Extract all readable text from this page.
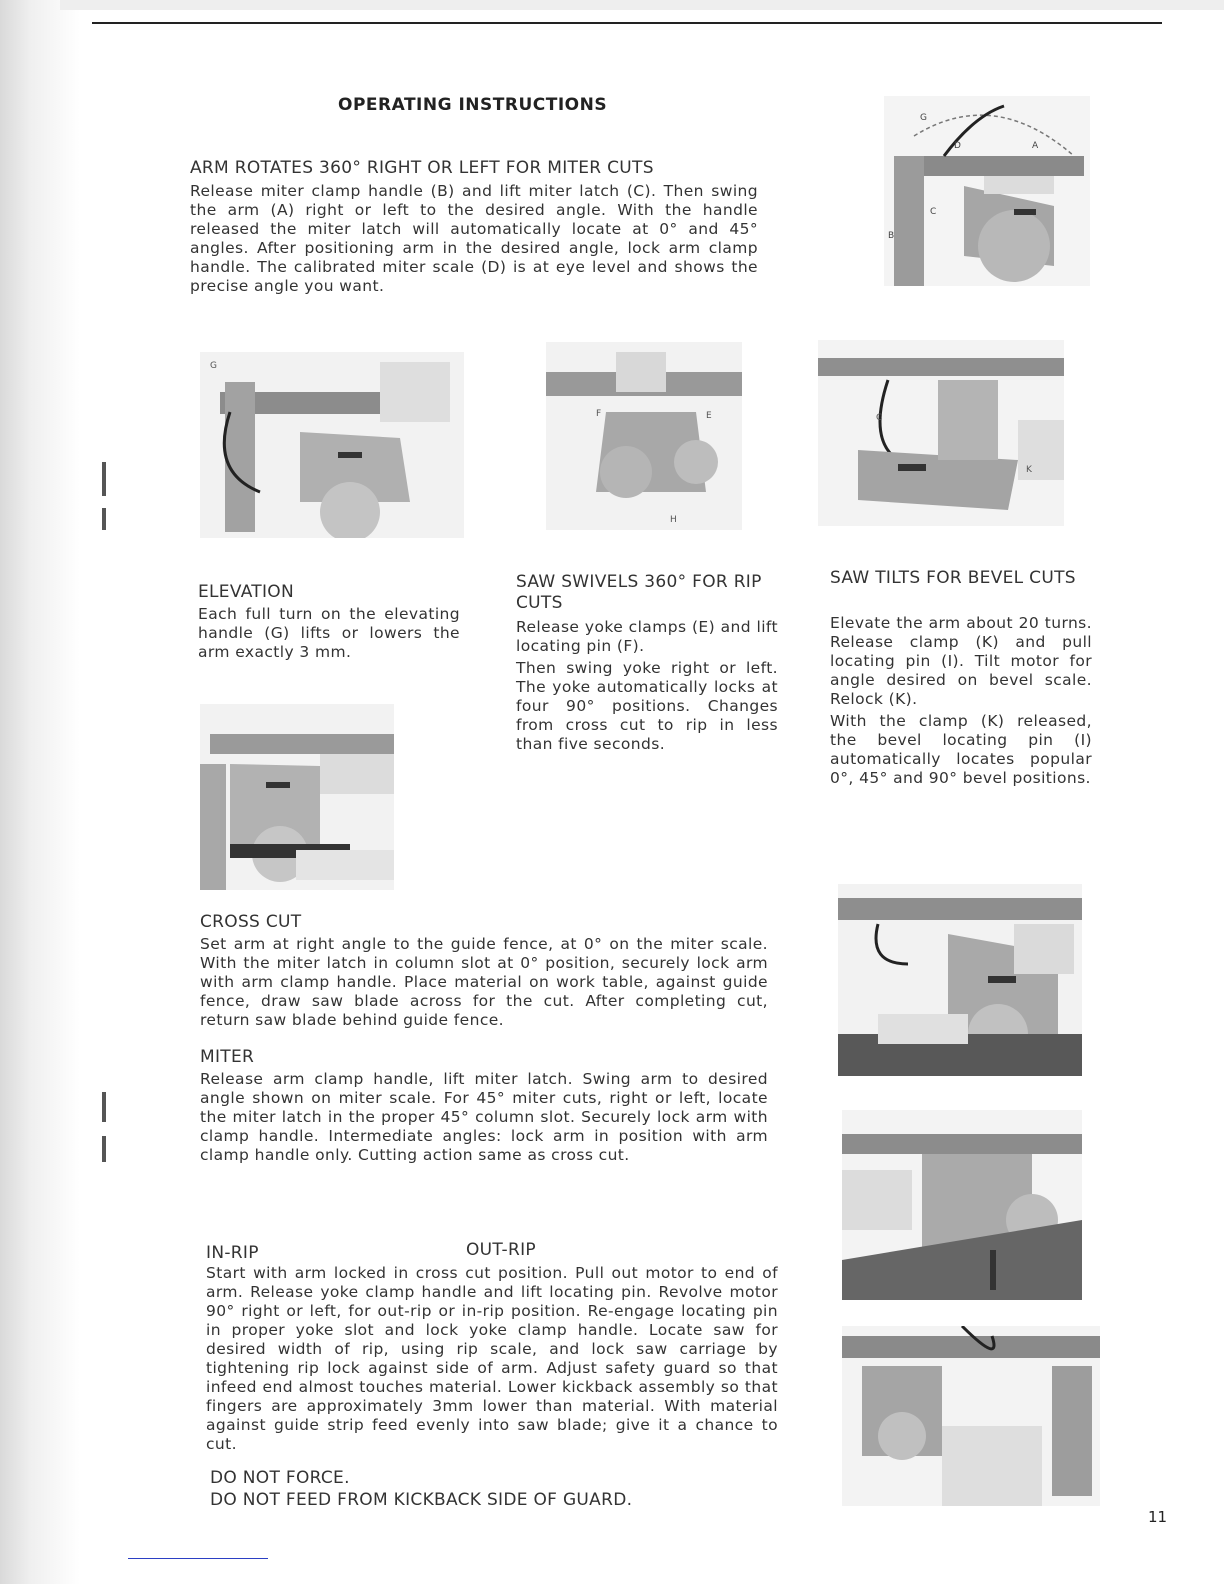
OPERATING INSTRUCTIONS
ARM ROTATES 360° RIGHT OR LEFT FOR MITER CUTS

Release miter clamp handle (B) and lift miter latch (C). Then swing the arm (A) right or left to the desired angle. With the handle released the miter latch will automatically locate at 0° and 45° angles. After positioning arm in the desired angle, lock arm clamp handle. The calibrated miter scale (D) is at eye level and shows the precise angle you want.

G
D	A
C
B
G
F	E
H
C
K
ELEVATION

Each full turn on the elevating handle (G) lifts or lowers the arm exactly 3 mm.

SAW SWIVELS 360° FOR RIP CUTS

Release yoke clamps (E) and lift locating pin (F).

Then swing yoke right or left. The yoke automatically locks at four 90° positions. Changes from cross cut to rip in less than five seconds.

SAW TILTS FOR BEVEL CUTS

Elevate the arm about 20 turns. Release clamp (K) and pull locating pin (I). Tilt motor for angle desired on bevel scale. Relock (K).

With the clamp (K) released, the bevel locating pin (I) automatically locates popular 0°, 45° and 90° bevel positions.

CROSS CUT

Set arm at right angle to the guide fence, at 0° on the miter scale. With the miter latch in column slot at 0° position, securely lock arm with arm clamp handle. Place material on work table, against guide fence, draw saw blade across for the cut. After completing cut, return saw blade behind guide fence.

MITER

Release arm clamp handle, lift miter latch. Swing arm to desired angle shown on miter scale. For 45° miter cuts, right or left, locate the miter latch in the proper 45° column slot. Securely lock arm with clamp handle. Intermediate angles: lock arm in position with arm clamp handle only. Cutting action same as cross cut.

IN-RIP	OUT-RIP

Start with arm locked in cross cut position. Pull out motor to end of arm. Release yoke clamp handle and lift locating pin. Revolve motor 90° right or left, for out-rip or in-rip position. Re-engage locating pin in proper yoke slot and lock yoke clamp handle. Locate saw for desired width of rip, using rip scale, and lock saw carriage by tightening rip lock against side of arm. Adjust safety guard so that infeed end almost touches material. Lower kickback assembly so that fingers are approximately 3mm lower than material. With material against guide strip feed evenly into saw blade; give it a chance to cut.

DO NOT FORCE.
DO NOT FEED FROM KICKBACK SIDE OF GUARD.
11
